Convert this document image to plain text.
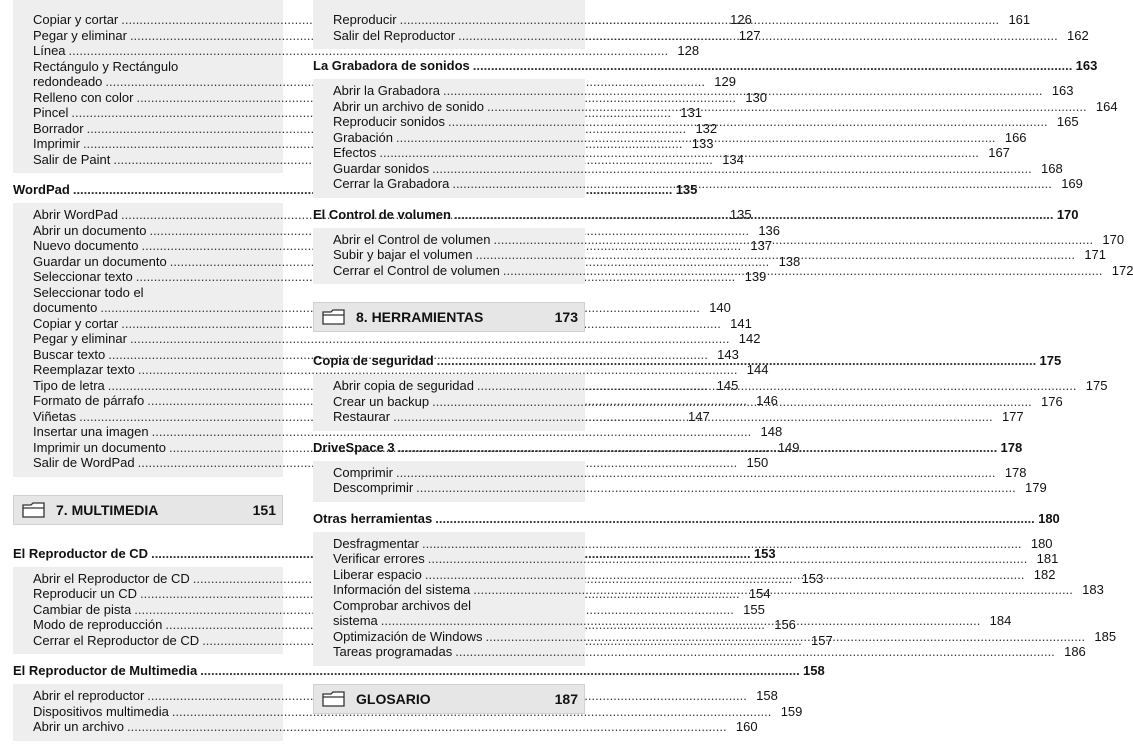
Copiar y cortar .....	126
Pegar y eliminar .....	127
Línea .....	128
Rectángulo y Rectángulo
redondeado .....	129
Relleno con color .....	130
Pincel .....	131
Borrador .....	132
Imprimir .....	133
Salir de Paint .....	134
WordPad .....	135
Abrir WordPad .....	135
Abrir un documento .....	136
Nuevo documento .....	137
Guardar un documento .....	138
Seleccionar texto .....	139
Seleccionar todo el
documento .....	140
Copiar y cortar .....	141
Pegar y eliminar .....	142
Buscar texto .....	143
Reemplazar texto .....	144
Tipo de letra .....	145
Formato de párrafo .....	146
Viñetas .....	147
Insertar una imagen .....	148
Imprimir un documento .....	149
Salir de WordPad .....	150
7. MULTIMEDIA	151
El Reproductor de CD .....	153
Abrir el Reproductor de CD .....	153
Reproducir un CD .....	154
Cambiar de pista .....	155
Modo de reproducción .....	156
Cerrar el Reproductor de CD .....	157
El Reproductor de Multimedia .....	158
Abrir el reproductor .....	158
Dispositivos multimedia .....	159
Abrir un archivo .....	160
Reproducir .....	161
Salir del Reproductor .....	162
La Grabadora de sonidos .....	163
Abrir la Grabadora .....	163
Abrir un archivo de sonido .....	164
Reproducir sonidos .....	165
Grabación .....	166
Efectos .....	167
Guardar sonidos .....	168
Cerrar la Grabadora .....	169
El Control de volumen .....	170
Abrir el Control de volumen .....	170
Subir y bajar el volumen .....	171
Cerrar el Control de volumen .....	172
8. HERRAMIENTAS	173
Copia de seguridad .....	175
Abrir copia de seguridad .....	175
Crear un backup .....	176
Restaurar .....	177
DriveSpace 3 .....	178
Comprimir .....	178
Descomprimir .....	179
Otras herramientas .....	180
Desfragmentar .....	180
Verificar errores .....	181
Liberar espacio .....	182
Información del sistema .....	183
Comprobar archivos del
sistema .....	184
Optimización de Windows .....	185
Tareas programadas .....	186
GLOSARIO	187
